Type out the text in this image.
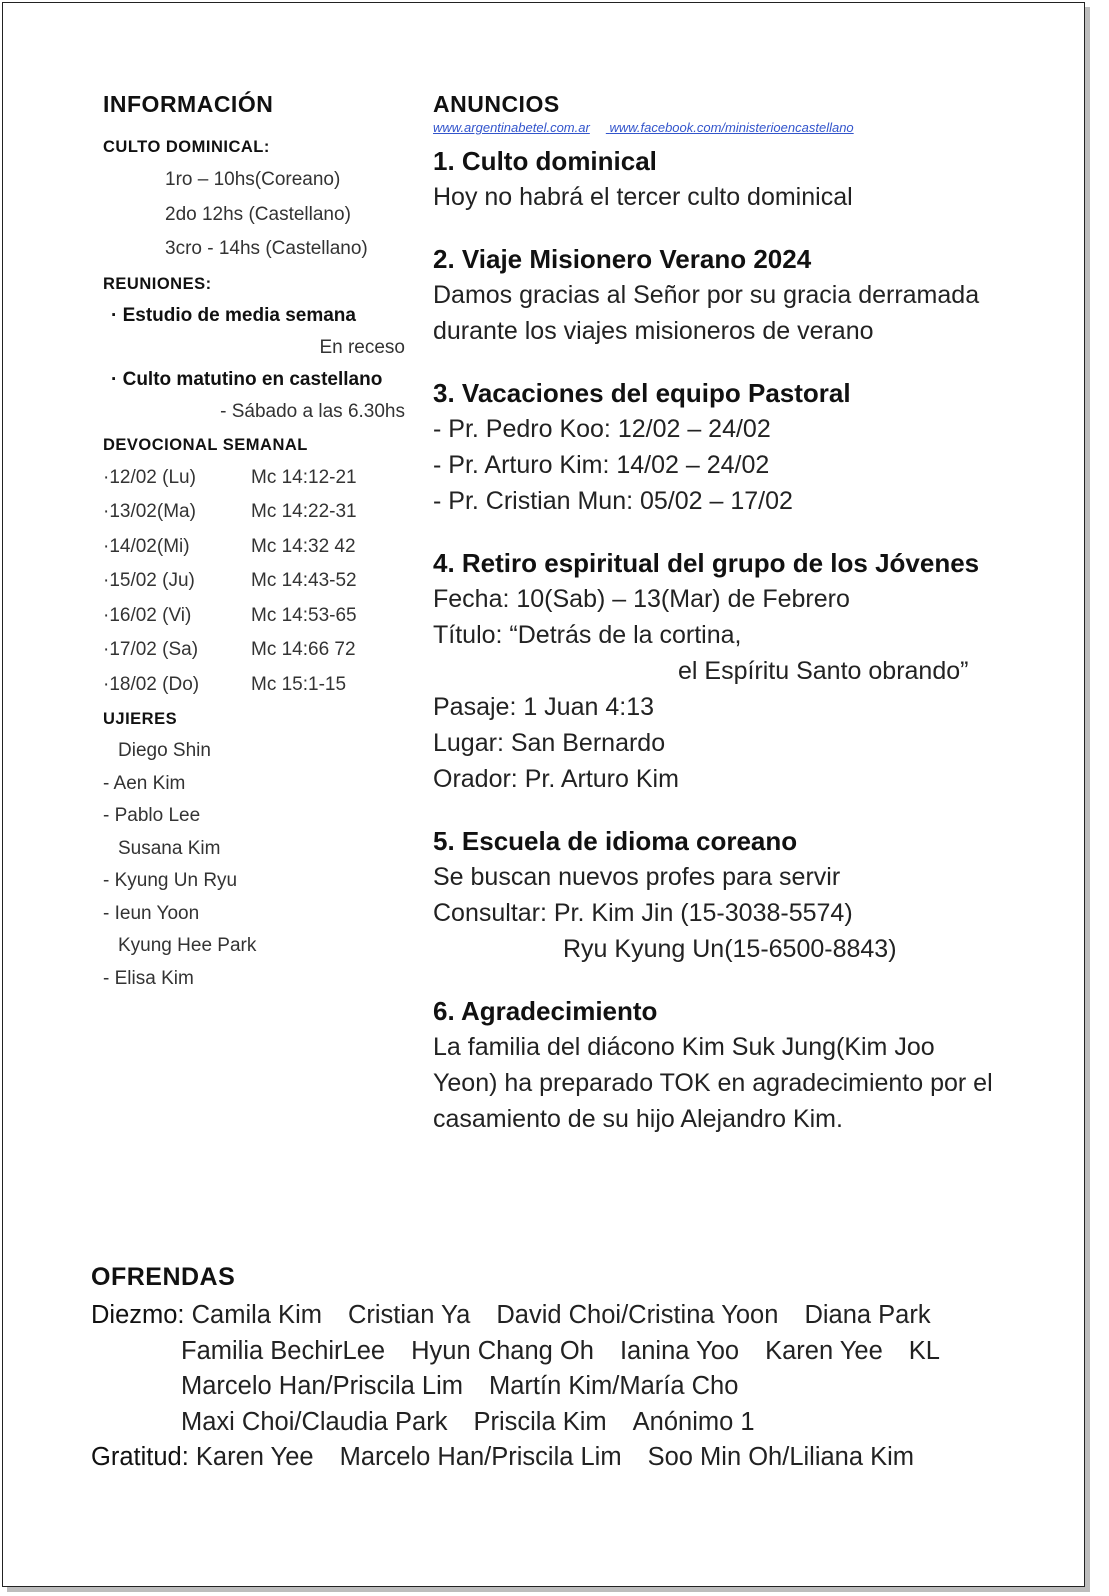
INFORMACIÓN
CULTO DOMINICAL:
1ro – 10hs(Coreano)
2do 12hs (Castellano)
3cro - 14hs (Castellano)
REUNIONES:
· Estudio de media semana
En receso
· Culto matutino en castellano
- Sábado a las 6.30hs
DEVOCIONAL SEMANAL
·12/02 (Lu)	Mc 14:12-21
·13/02(Ma)	Mc 14:22-31
·14/02(Mi)	Mc 14:32 42
·15/02 (Ju)	Mc 14:43-52
·16/02 (Vi)	Mc 14:53-65
·17/02 (Sa)	Mc 14:66 72
·18/02 (Do)	Mc 15:1-15
UJIERES
Diego Shin
- Aen Kim
- Pablo Lee
Susana Kim
- Kyung Un Ryu
- Ieun Yoon
Kyung Hee Park
- Elisa Kim
ANUNCIOS
www.argentinabetel.com.ar www.facebook.com/ministerioencastellano
1. Culto dominical
Hoy no habrá el tercer culto dominical
2. Viaje Misionero Verano 2024
Damos gracias al Señor por su gracia derramada
durante los viajes misioneros de verano
3. Vacaciones del equipo Pastoral
- Pr. Pedro Koo: 12/02 – 24/02
- Pr. Arturo Kim: 14/02 – 24/02
- Pr. Cristian Mun: 05/02 – 17/02
4. Retiro espiritual del grupo de los Jóvenes
Fecha: 10(Sab) – 13(Mar) de Febrero
Título: “Detrás de la cortina,
el Espíritu Santo obrando”
Pasaje: 1 Juan 4:13
Lugar: San Bernardo
Orador: Pr. Arturo Kim
5. Escuela de idioma coreano
Se buscan nuevos profes para servir
Consultar: Pr. Kim Jin (15-3038-5574)
Ryu Kyung Un(15-6500-8843)
6. Agradecimiento
La familia del diácono Kim Suk Jung(Kim Joo
Yeon) ha preparado TOK en agradecimiento por el
casamiento de su hijo Alejandro Kim.
OFRENDAS
Diezmo: Camila Kim Cristian Ya David Choi/Cristina Yoon Diana Park
Familia BechirLee Hyun Chang Oh Ianina Yoo Karen Yee KL
Marcelo Han/Priscila Lim Martín Kim/María Cho
Maxi Choi/Claudia Park Priscila Kim Anónimo 1
Gratitud: Karen Yee Marcelo Han/Priscila Lim Soo Min Oh/Liliana Kim
